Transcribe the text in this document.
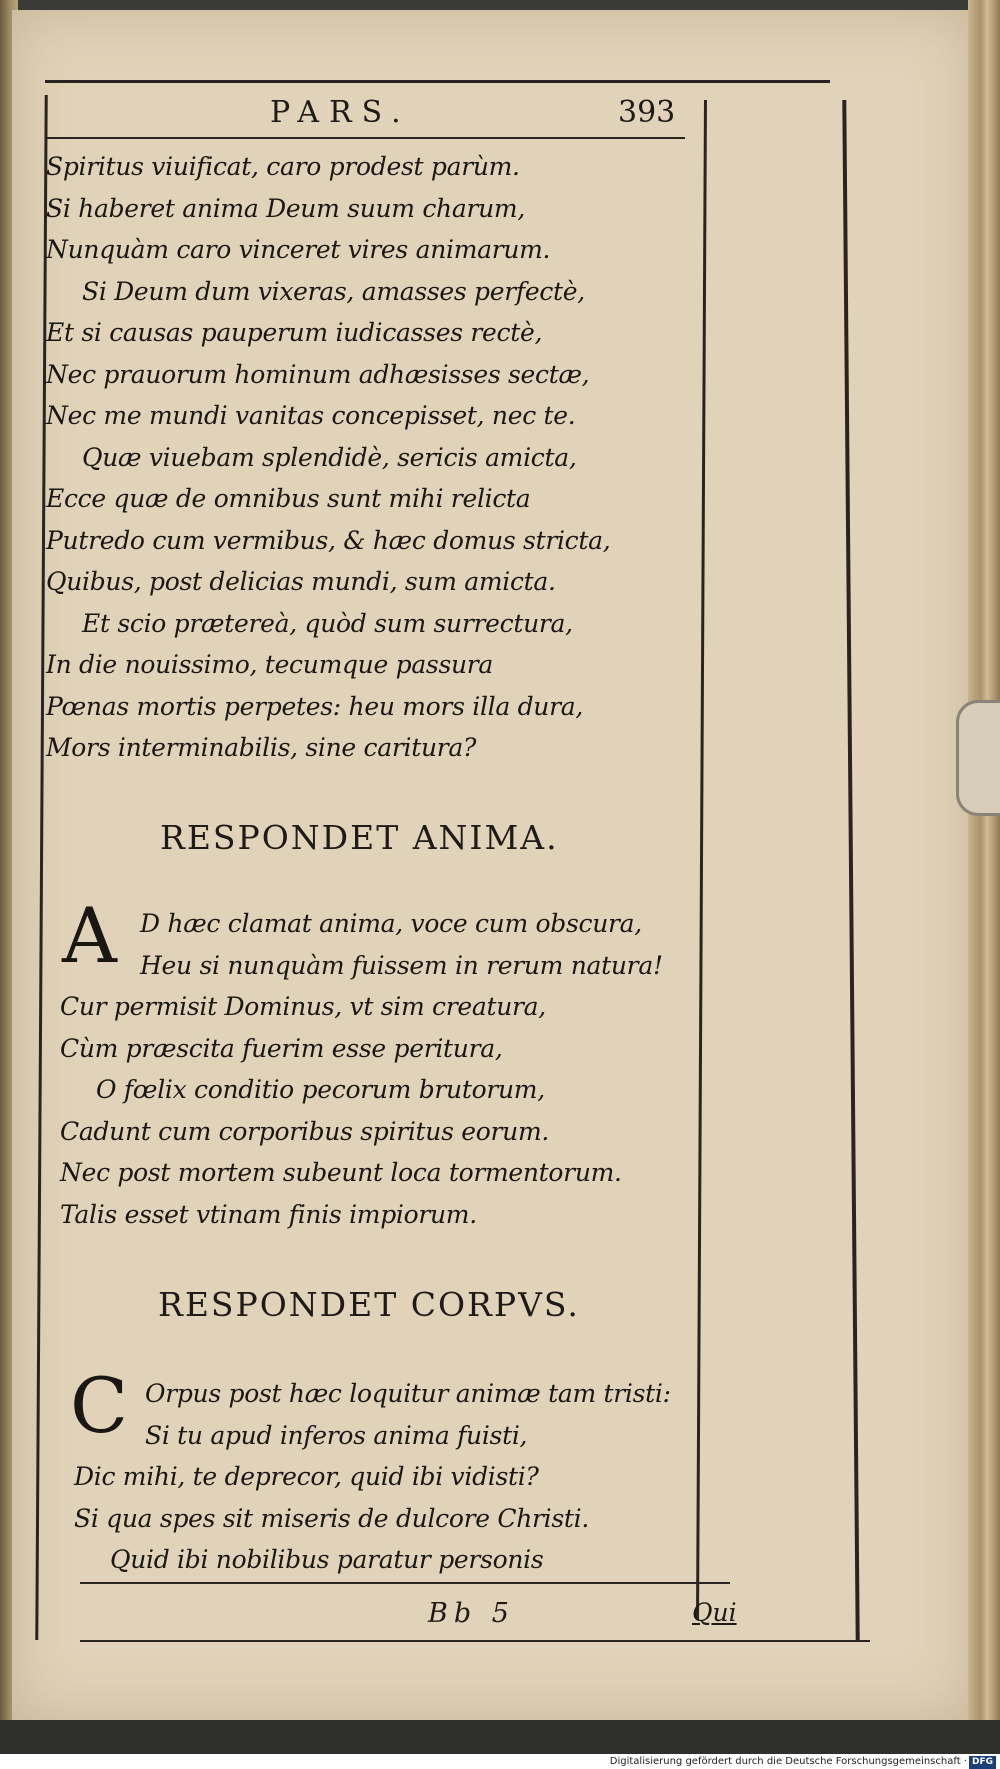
PARS.	393
Spiritus viuificat, caro prodest parùm.
Si haberet anima Deum suum charum,
Nunquàm caro vinceret vires animarum.
Si Deum dum vixeras, amasses perfectè,
Et si causas pauperum iudicasses rectè,
Nec prauorum hominum adhæsisses sectæ,
Nec me mundi vanitas concepisset, nec te.
Quæ viuebam splendidè, sericis amicta,
Ecce quæ de omnibus sunt mihi relicta
Putredo cum vermibus, & hæc domus stricta,
Quibus, post delicias mundi, sum amicta.
Et scio prætereà, quòd sum surrectura,
In die nouissimo, tecumque passura
Pœnas mortis perpetes: heu mors illa dura,
Mors interminabilis, sine caritura?
RESPONDET ANIMA.
A D hæc clamat anima, voce cum obscura,
Heu si nunquàm fuissem in rerum natura!
Cur permisit Dominus, vt sim creatura,
Cùm præscita fuerim esse peritura,
O fœlix conditio pecorum brutorum,
Cadunt cum corporibus spiritus eorum.
Nec post mortem subeunt loca tormentorum.
Talis esset vtinam finis impiorum.
RESPONDET CORPVS.
C Orpus post hæc loquitur animæ tam tristi:
Si tu apud inferos anima fuisti,
Dic mihi, te deprecor, quid ibi vidisti?
Si qua spes sit miseris de dulcore Christi.
Quid ibi nobilibus paratur personis
Bb 5	Qui
Digitalisierung gefördert durch die Deutsche Forschungsgemeinschaft · DFG
